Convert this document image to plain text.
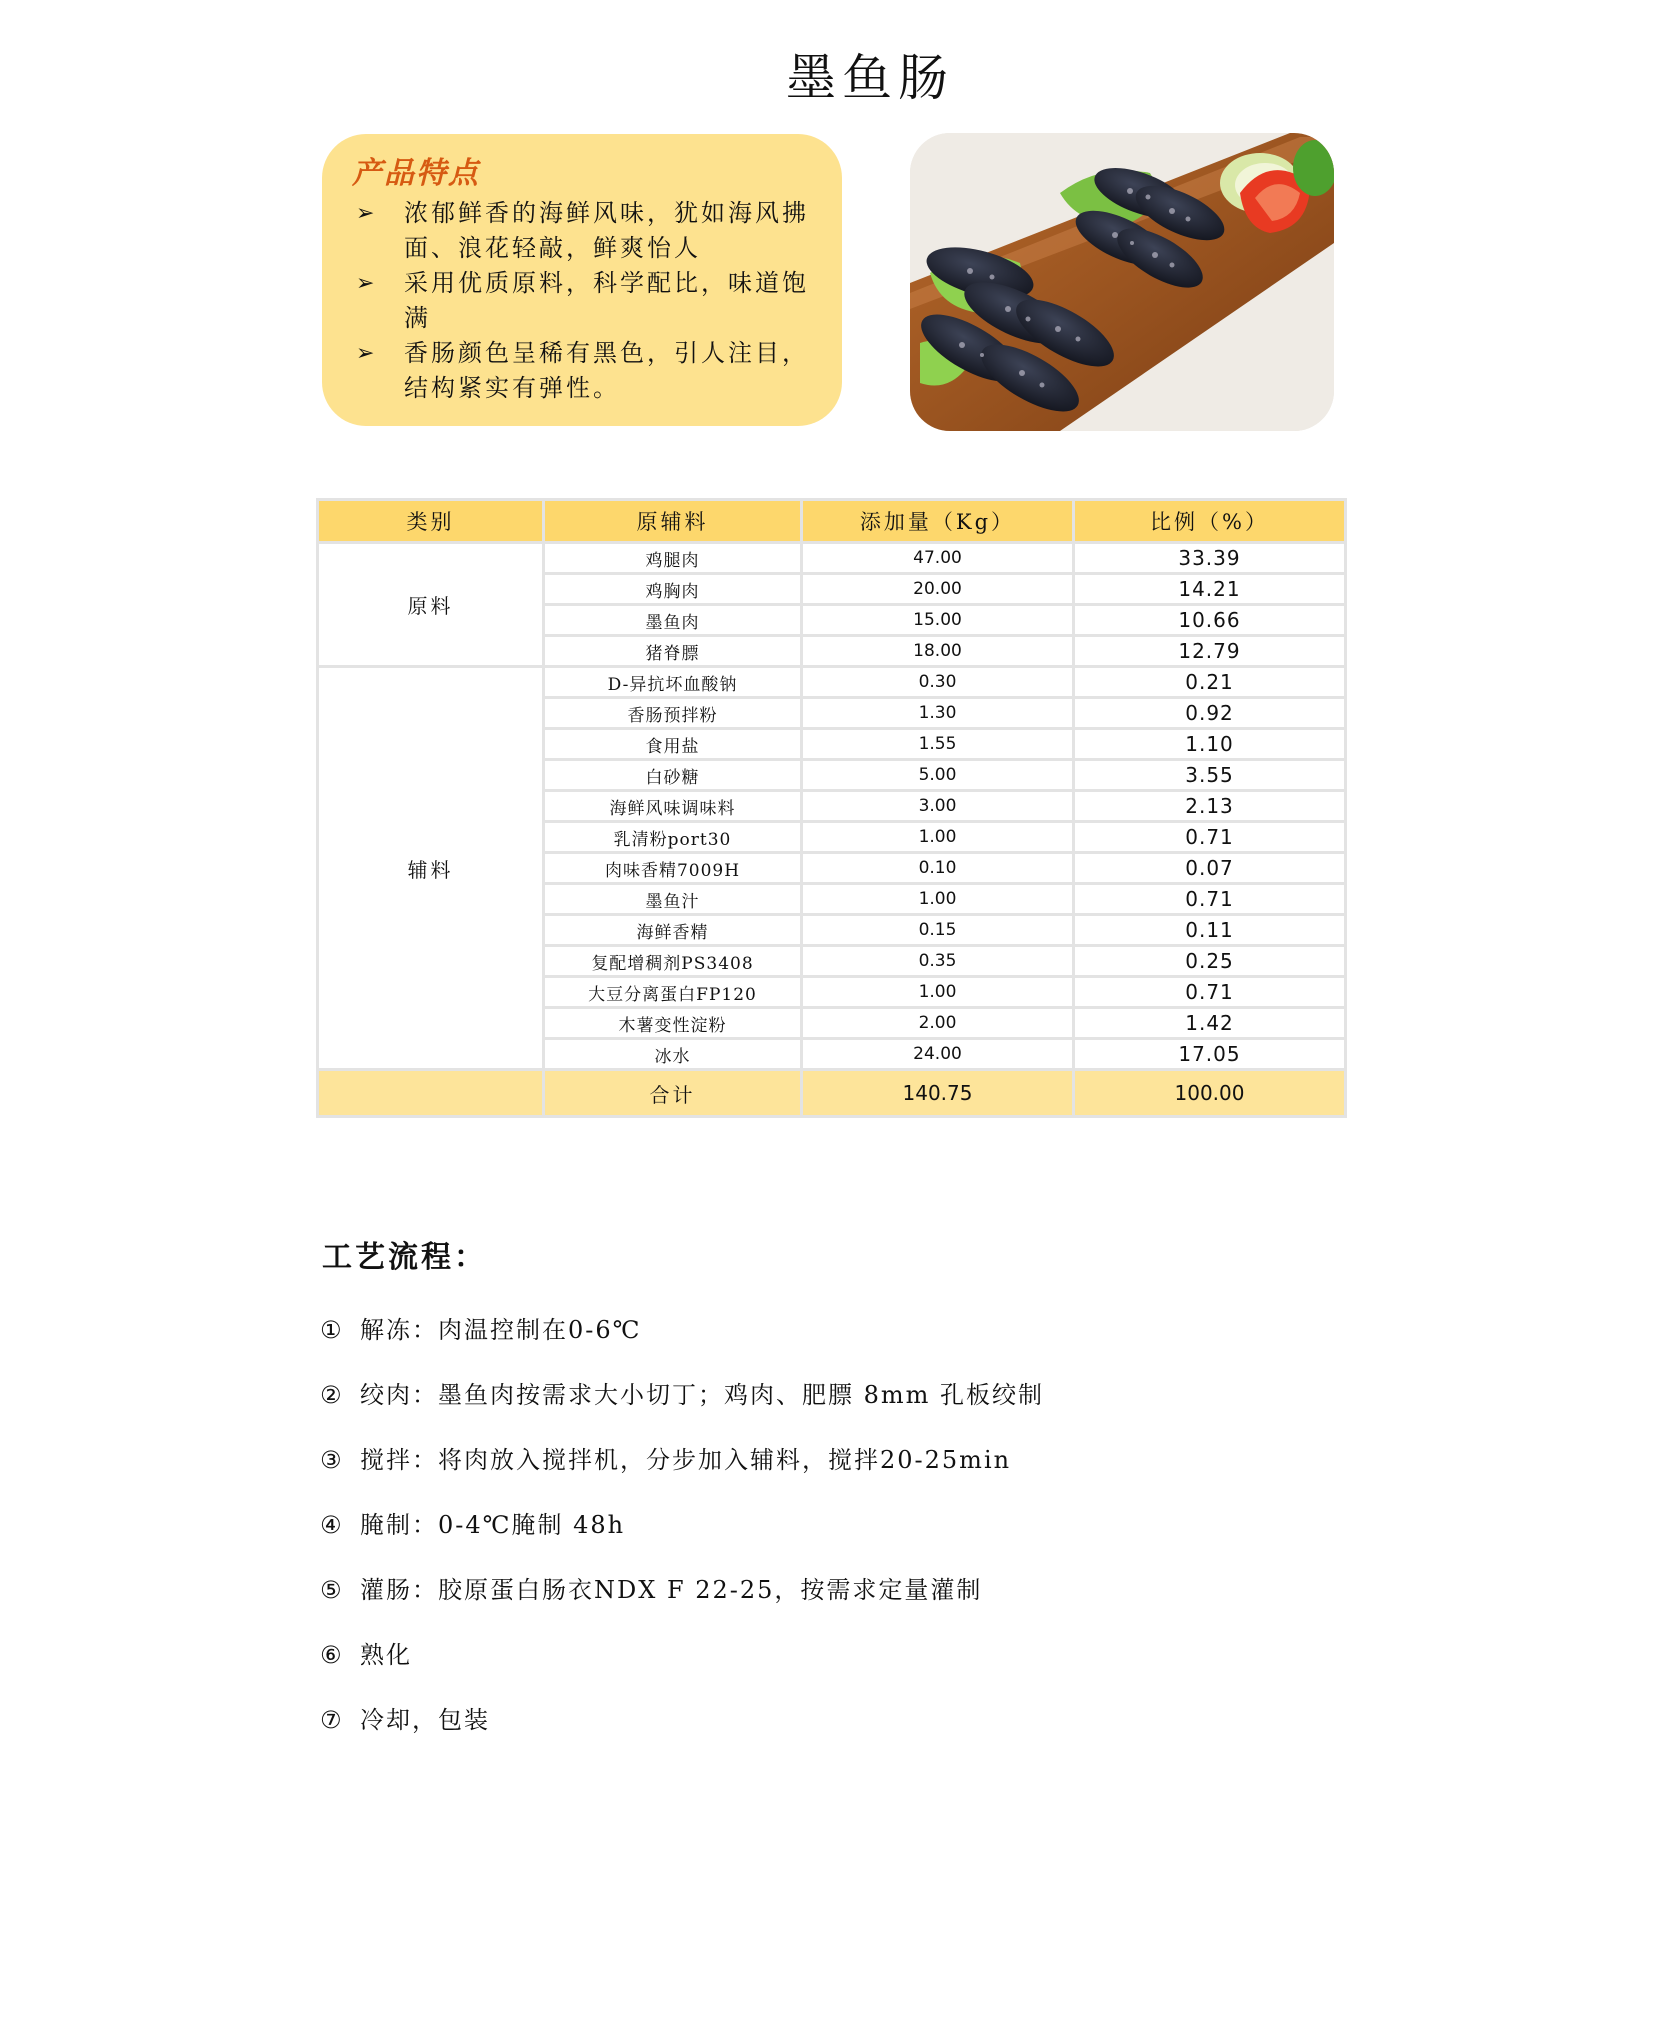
墨鱼肠
产品特点
➢ 浓郁鲜香的海鲜风味，犹如海风拂面、浪花轻敲，鲜爽怡人
➢ 采用优质原料，科学配比，味道饱满
➢ 香肠颜色呈稀有黑色，引人注目，结构紧实有弹性。
类别	原辅料	添加量（Kg）	比例（%）
原料	鸡腿肉	47.00	33.39
	鸡胸肉	20.00	14.21
	墨鱼肉	15.00	10.66
	猪脊膘	18.00	12.79
辅料	D-异抗坏血酸钠	0.30	0.21
	香肠预拌粉	1.30	0.92
	食用盐	1.55	1.10
	白砂糖	5.00	3.55
	海鲜风味调味料	3.00	2.13
	乳清粉port30	1.00	0.71
	肉味香精7009H	0.10	0.07
	墨鱼汁	1.00	0.71
	海鲜香精	0.15	0.11
	复配增稠剂PS3408	0.35	0.25
	大豆分离蛋白FP120	1.00	0.71
	木薯变性淀粉	2.00	1.42
	冰水	24.00	17.05
	合计	140.75	100.00
工艺流程：
① 解冻：肉温控制在0-6℃
② 绞肉：墨鱼肉按需求大小切丁；鸡肉、肥膘 8mm 孔板绞制
③ 搅拌：将肉放入搅拌机，分步加入辅料，搅拌20-25min
④ 腌制：0-4℃腌制 48h
⑤ 灌肠：胶原蛋白肠衣NDX F 22-25，按需求定量灌制
⑥ 熟化
⑦ 冷却，包装
